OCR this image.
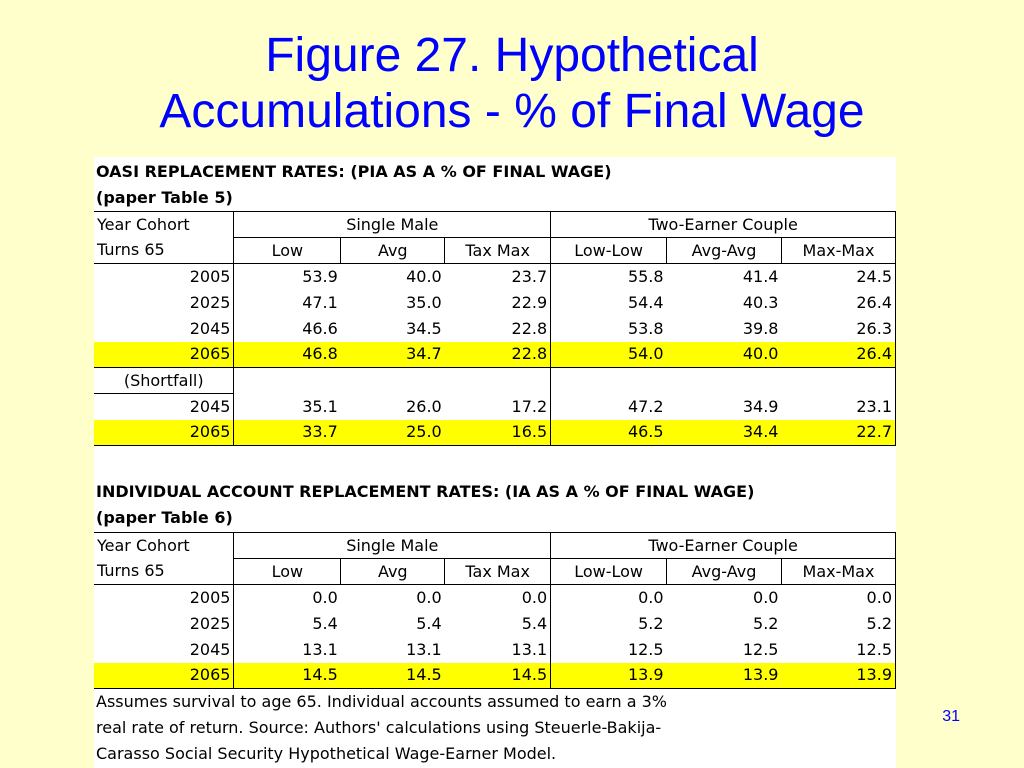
Figure 27. Hypothetical
Accumulations - % of Final Wage
OASI REPLACEMENT RATES: (PIA AS A % OF FINAL WAGE)
(paper Table 5)
Year Cohort	Single Male			Two-Earner Couple		
Turns 65	Low	Avg	Tax Max	Low-Low	Avg-Avg	Max-Max
2005	53.9	40.0	23.7	55.8	41.4	24.5
2025	47.1	35.0	22.9	54.4	40.3	26.4
2045	46.6	34.5	22.8	53.8	39.8	26.3
2065	46.8	34.7	22.8	54.0	40.0	26.4
(Shortfall)						
2045	35.1	26.0	17.2	47.2	34.9	23.1
2065	33.7	25.0	16.5	46.5	34.4	22.7
INDIVIDUAL ACCOUNT REPLACEMENT RATES: (IA AS A % OF FINAL WAGE)
(paper Table 6)
Year Cohort	Single Male			Two-Earner Couple		
Turns 65	Low	Avg	Tax Max	Low-Low	Avg-Avg	Max-Max
2005	0.0	0.0	0.0	0.0	0.0	0.0
2025	5.4	5.4	5.4	5.2	5.2	5.2
2045	13.1	13.1	13.1	12.5	12.5	12.5
2065	14.5	14.5	14.5	13.9	13.9	13.9
Assumes survival to age 65. Individual accounts assumed to earn a 3%
real rate of return. Source: Authors' calculations using Steuerle-Bakija-
Carasso Social Security Hypothetical Wage-Earner Model.
31
